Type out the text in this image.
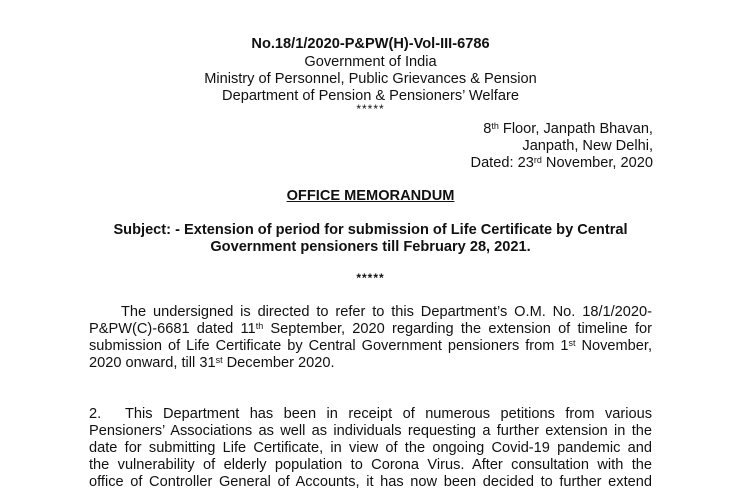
No.18/1/2020-P&PW(H)-Vol-III-6786
Government of India
Ministry of Personnel, Public Grievances & Pension
Department of Pension & Pensioners’ Welfare
*****
8th Floor, Janpath Bhavan,
Janpath, New Delhi,
Dated: 23rd November, 2020
OFFICE MEMORANDUM
Subject: - Extension of period for submission of Life Certificate by Central
Government pensioners till February 28, 2021.
*****
The undersigned is directed to refer to this Department’s O.M. No. 18/1/2020-
P&PW(C)-6681 dated 11th September, 2020 regarding the extension of timeline for
submission of Life Certificate by Central Government pensioners from 1st November,
2020 onward, till 31st December 2020.
2. This Department has been in receipt of numerous petitions from various
Pensioners’ Associations as well as individuals requesting a further extension in the
date for submitting Life Certificate, in view of the ongoing Covid-19 pandemic and
the vulnerability of elderly population to Corona Virus. After consultation with the
office of Controller General of Accounts, it has now been decided to further extend
